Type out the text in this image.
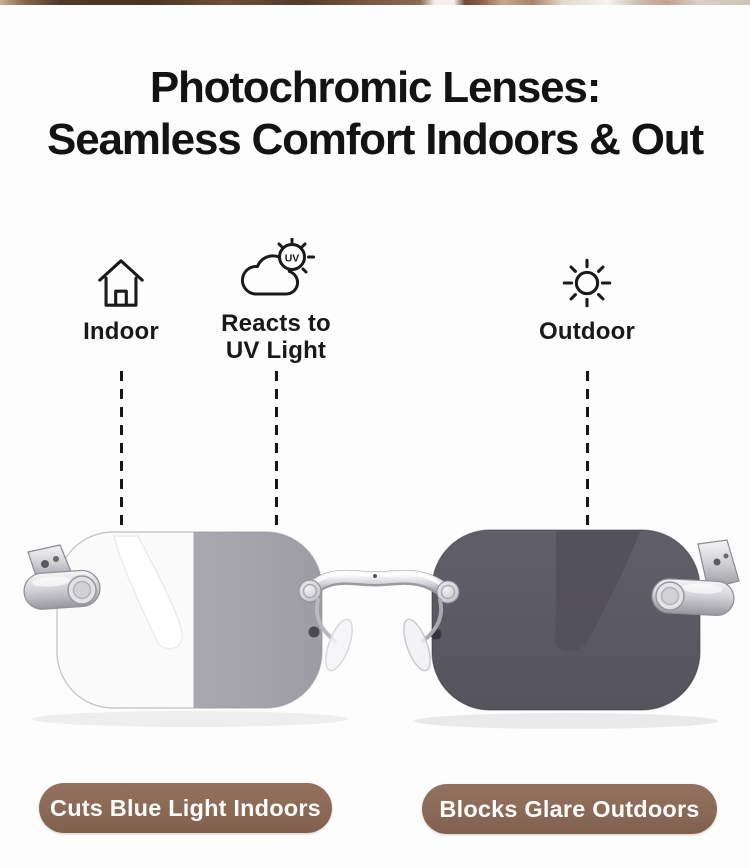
Photochromic Lenses:
Seamless Comfort Indoors & Out
Indoor
UV
Reacts to
UV Light
Outdoor
Cuts Blue Light Indoors	Blocks Glare Outdoors
